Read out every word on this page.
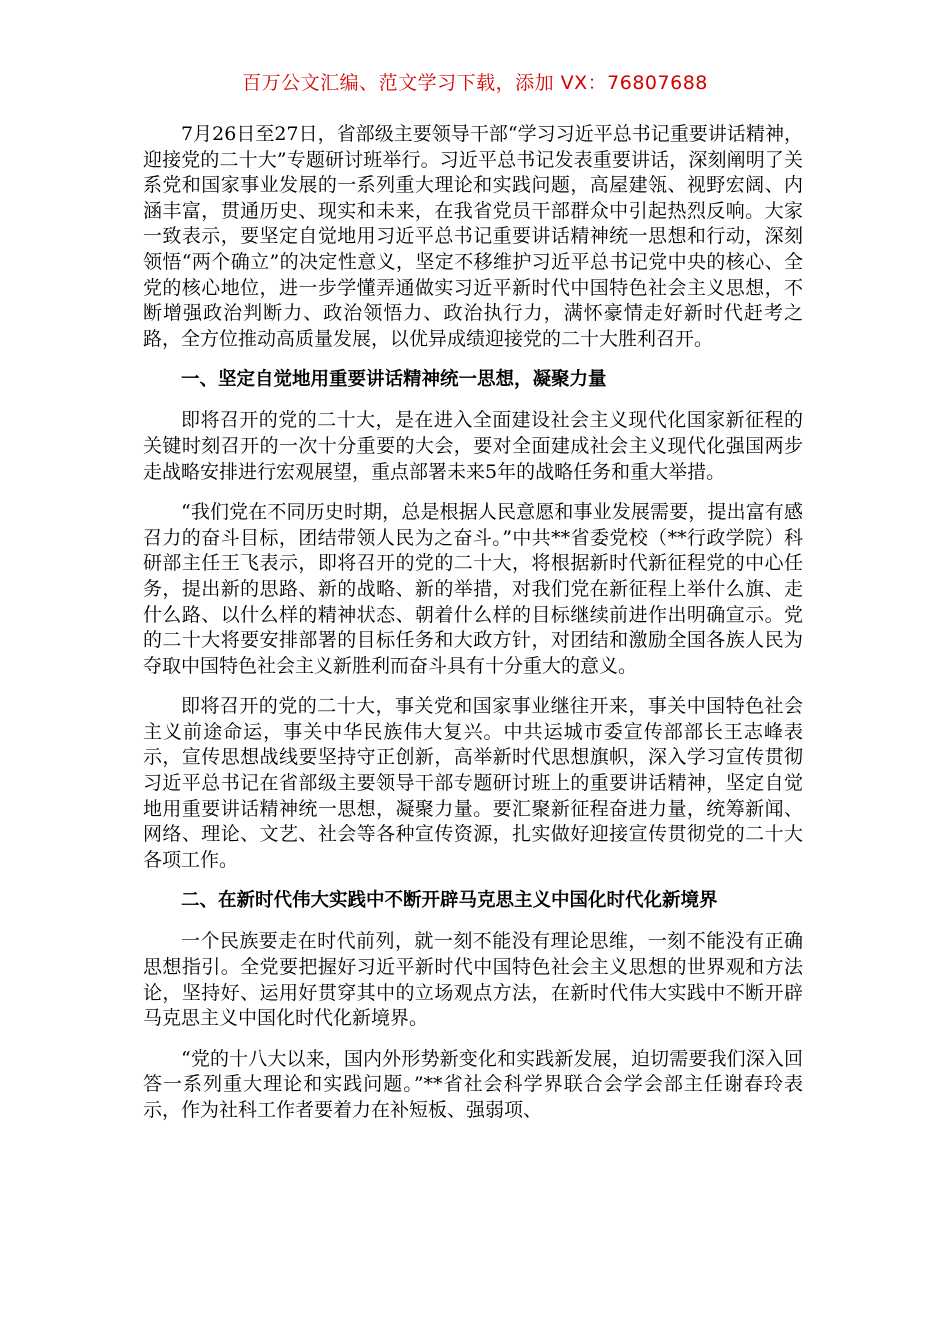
百万公文汇编、范文学习下载，添加 VX：76807688

7月26日至27日，省部级主要领导干部“学习习近平总书记重要讲话精神，迎接党的二十大”专题研讨班举行。习近平总书记发表重要讲话，深刻阐明了关系党和国家事业发展的一系列重大理论和实践问题，高屋建瓴、视野宏阔、内涵丰富，贯通历史、现实和未来，在我省党员干部群众中引起热烈反响。大家一致表示，要坚定自觉地用习近平总书记重要讲话精神统一思想和行动，深刻领悟“两个确立”的决定性意义，坚定不移维护习近平总书记党中央的核心、全党的核心地位，进一步学懂弄通做实习近平新时代中国特色社会主义思想，不断增强政治判断力、政治领悟力、政治执行力，满怀豪情走好新时代赶考之路，全方位推动高质量发展，以优异成绩迎接党的二十大胜利召开。

一、坚定自觉地用重要讲话精神统一思想，凝聚力量

即将召开的党的二十大，是在进入全面建设社会主义现代化国家新征程的关键时刻召开的一次十分重要的大会，要对全面建成社会主义现代化强国两步走战略安排进行宏观展望，重点部署未来5年的战略任务和重大举措。

“我们党在不同历史时期，总是根据人民意愿和事业发展需要，提出富有感召力的奋斗目标，团结带领人民为之奋斗。”中共**省委党校（**行政学院）科研部主任王飞表示，即将召开的党的二十大，将根据新时代新征程党的中心任务，提出新的思路、新的战略、新的举措，对我们党在新征程上举什么旗、走什么路、以什么样的精神状态、朝着什么样的目标继续前进作出明确宣示。党的二十大将要安排部署的目标任务和大政方针，对团结和激励全国各族人民为夺取中国特色社会主义新胜利而奋斗具有十分重大的意义。

即将召开的党的二十大，事关党和国家事业继往开来，事关中国特色社会主义前途命运，事关中华民族伟大复兴。中共运城市委宣传部部长王志峰表示，宣传思想战线要坚持守正创新，高举新时代思想旗帜，深入学习宣传贯彻习近平总书记在省部级主要领导干部专题研讨班上的重要讲话精神，坚定自觉地用重要讲话精神统一思想，凝聚力量。要汇聚新征程奋进力量，统筹新闻、网络、理论、文艺、社会等各种宣传资源，扎实做好迎接宣传贯彻党的二十大各项工作。

二、在新时代伟大实践中不断开辟马克思主义中国化时代化新境界

一个民族要走在时代前列，就一刻不能没有理论思维，一刻不能没有正确思想指引。全党要把握好习近平新时代中国特色社会主义思想的世界观和方法论，坚持好、运用好贯穿其中的立场观点方法，在新时代伟大实践中不断开辟马克思主义中国化时代化新境界。

“党的十八大以来，国内外形势新变化和实践新发展，迫切需要我们深入回答一系列重大理论和实践问题。”**省社会科学界联合会学会部主任谢春玲表示，作为社科工作者要着力在补短板、强弱项、
